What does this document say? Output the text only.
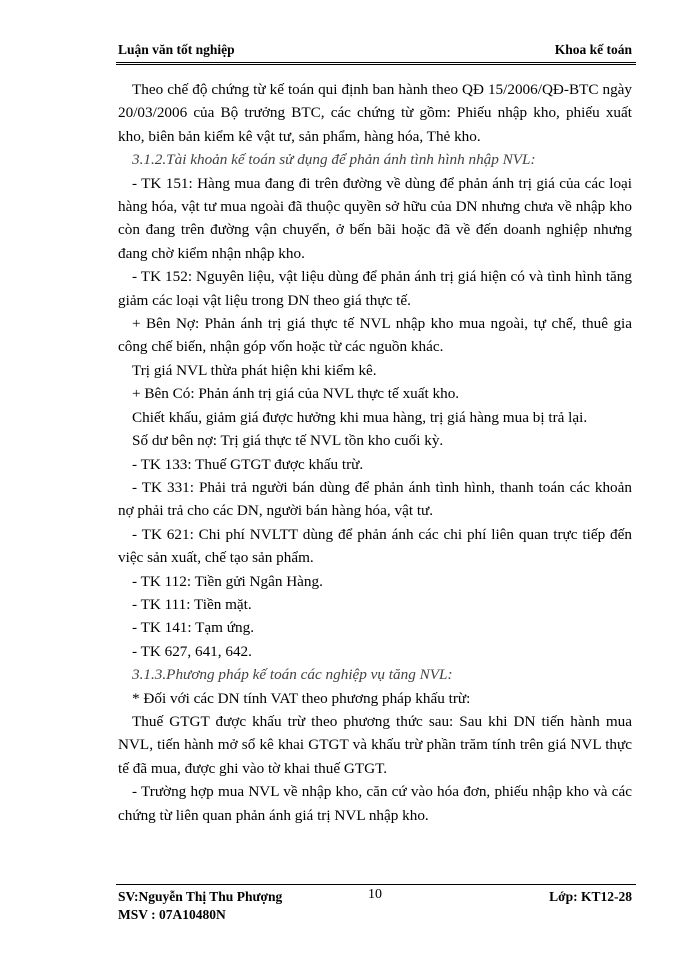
Luận văn tốt nghiệp	Khoa kế toán

Theo chế độ chứng từ kế toán qui định ban hành theo QĐ 15/2006/QĐ-BTC ngày 20/03/2006 của Bộ trưởng BTC, các chứng từ gồm: Phiếu nhập kho, phiếu xuất kho, biên bản kiểm kê vật tư, sản phẩm, hàng hóa, Thẻ kho.

3.1.2.Tài khoản kế toán sử dụng để phản ánh tình hình nhập NVL:

- TK 151: Hàng mua đang đi trên đường về dùng để phản ánh trị giá của các loại hàng hóa, vật tư mua ngoài đã thuộc quyền sở hữu của DN nhưng chưa về nhập kho còn đang trên đường vận chuyển, ở bến bãi hoặc đã về đến doanh nghiệp nhưng đang chờ kiểm nhận nhập kho.

- TK 152: Nguyên liệu, vật liệu dùng để phản ánh trị giá hiện có và tình hình tăng giảm các loại vật liệu trong DN theo giá thực tế.

+ Bên Nợ: Phản ánh trị giá thực tế NVL nhập kho mua ngoài, tự chế, thuê gia công chế biến, nhận góp vốn hoặc từ các nguồn khác.

Trị giá NVL thừa phát hiện khi kiểm kê.

+ Bên Có: Phản ánh trị giá của NVL thực tế xuất kho.

Chiết khấu, giảm giá được hưởng khi mua hàng, trị giá hàng mua bị trả lại.

Số dư bên nợ: Trị giá thực tế NVL tồn kho cuối kỳ.

- TK 133: Thuế GTGT được khấu trừ.

- TK 331: Phải trả người bán dùng để phản ánh tình hình, thanh toán các khoản nợ phải trả cho các DN, người bán hàng hóa, vật tư.

- TK 621: Chi phí NVLTT dùng để phản ánh các chi phí liên quan trực tiếp đến việc sản xuất, chế tạo sản phẩm.

- TK 112: Tiền gửi Ngân Hàng.

- TK 111: Tiền mặt.

- TK 141: Tạm ứng.

- TK 627, 641, 642.

3.1.3.Phương pháp kế toán các nghiệp vụ tăng NVL:

* Đối với các DN tính VAT theo phương pháp khấu trừ:

Thuế GTGT được khấu trừ theo phương thức sau: Sau khi DN tiến hành mua NVL, tiến hành mở sổ kê khai GTGT và khấu trừ phần trăm tính trên giá NVL thực tế đã mua, được ghi vào tờ khai thuế GTGT.

- Trường hợp mua NVL về nhập kho, căn cứ vào hóa đơn, phiếu nhập kho và các chứng từ liên quan phản ánh giá trị NVL nhập kho.

SV:Nguyễn Thị Thu Phượng
MSV : 07A10480N
10	Lớp: KT12-28
